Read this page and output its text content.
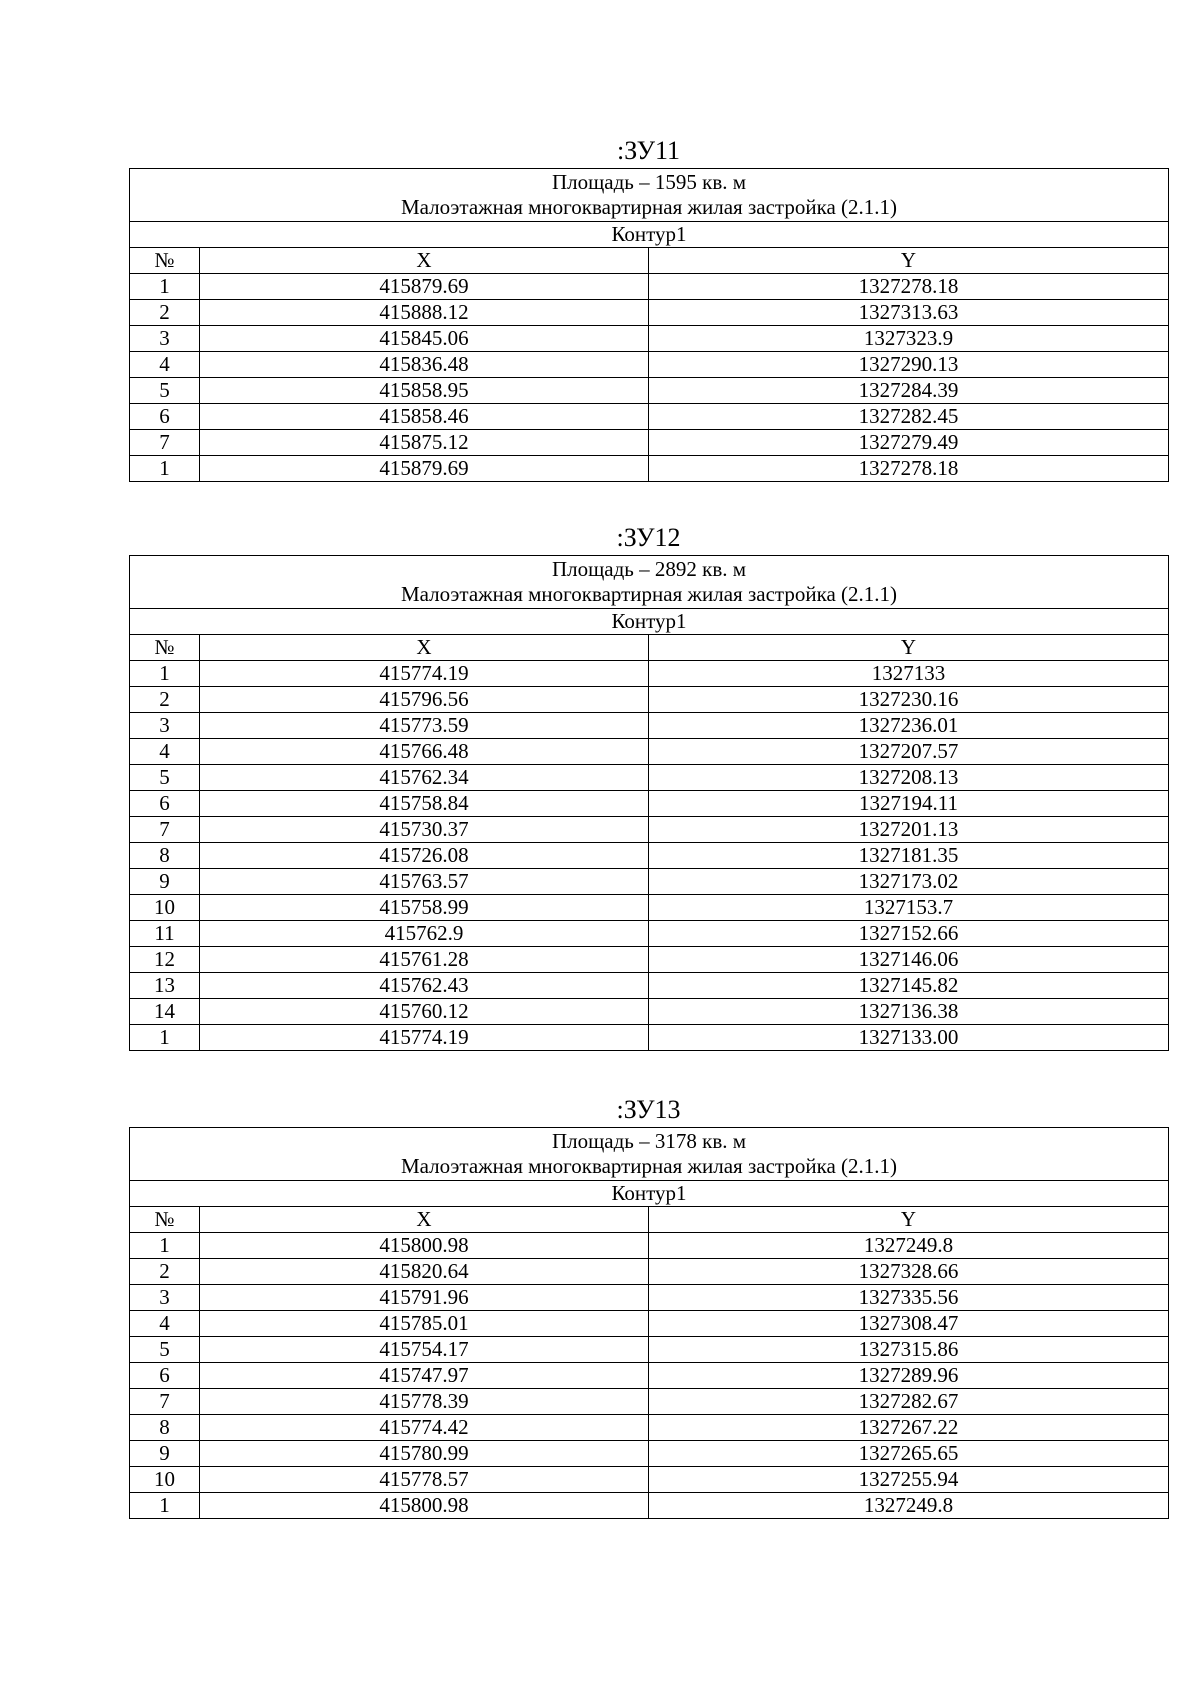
:ЗУ11
Площадь – 1595 кв. м
Малоэтажная многоквартирная жилая застройка (2.1.1)		

Контур1		
№	X	Y
1	415879.69	1327278.18
2	415888.12	1327313.63
3	415845.06	1327323.9
4	415836.48	1327290.13
5	415858.95	1327284.39
6	415858.46	1327282.45
7	415875.12	1327279.49
1	415879.69	1327278.18
:ЗУ12
Площадь – 2892 кв. м
Малоэтажная многоквартирная жилая застройка (2.1.1)		

Контур1		
№	X	Y
1	415774.19	1327133
2	415796.56	1327230.16
3	415773.59	1327236.01
4	415766.48	1327207.57
5	415762.34	1327208.13
6	415758.84	1327194.11
7	415730.37	1327201.13
8	415726.08	1327181.35
9	415763.57	1327173.02
10	415758.99	1327153.7
11	415762.9	1327152.66
12	415761.28	1327146.06
13	415762.43	1327145.82
14	415760.12	1327136.38
1	415774.19	1327133.00
:ЗУ13
Площадь – 3178 кв. м
Малоэтажная многоквартирная жилая застройка (2.1.1)		

Контур1		
№	X	Y
1	415800.98	1327249.8
2	415820.64	1327328.66
3	415791.96	1327335.56
4	415785.01	1327308.47
5	415754.17	1327315.86
6	415747.97	1327289.96
7	415778.39	1327282.67
8	415774.42	1327267.22
9	415780.99	1327265.65
10	415778.57	1327255.94
1	415800.98	1327249.8
